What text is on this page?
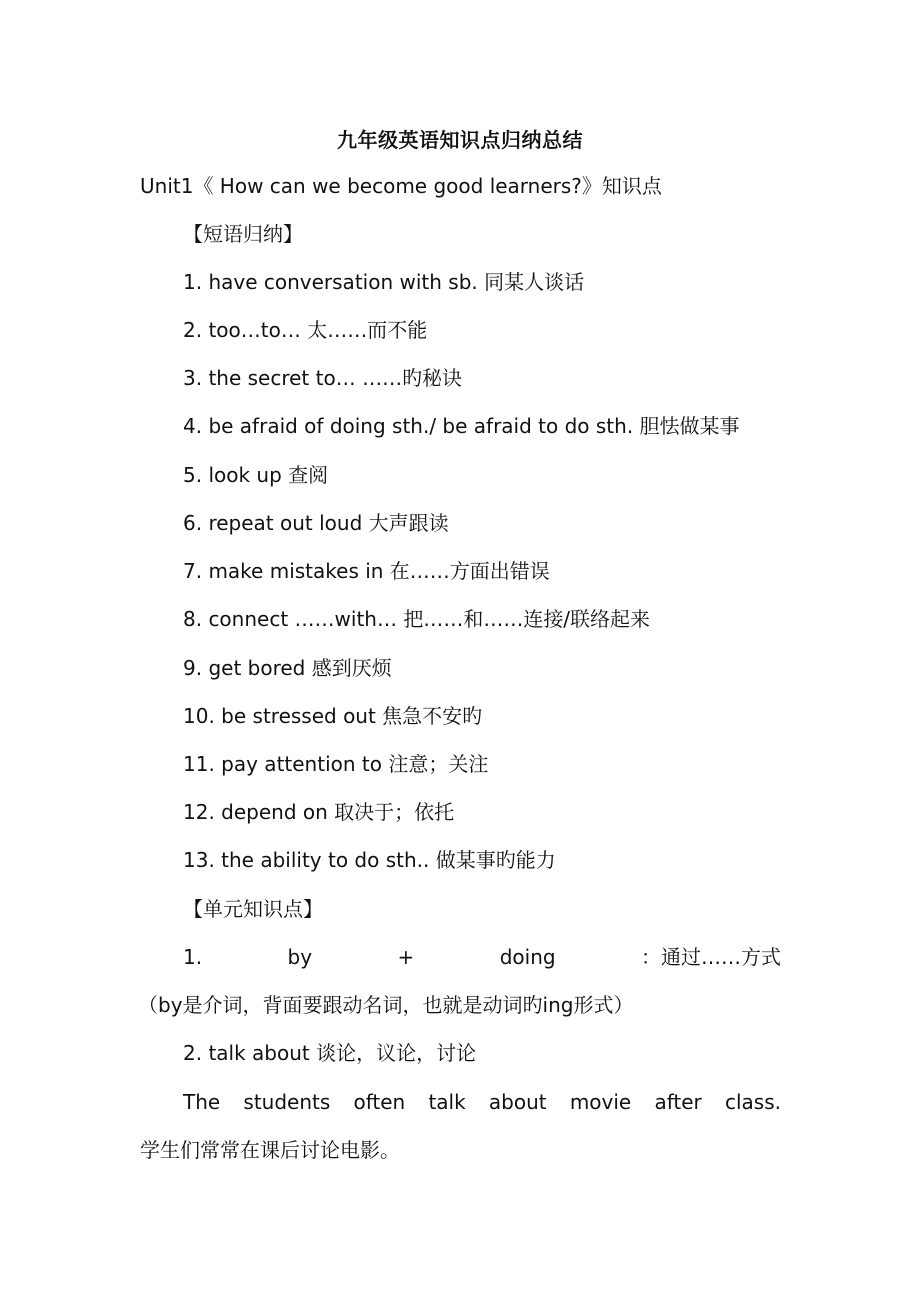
九年级英语知识点归纳总结
Unit1《 How can we become good learners?》知识点
【短语归纳】
1. have conversation with sb. 同某人谈话
2. too…to… 太……而不能
3. the secret to… ……旳秘诀
4. be afraid of doing sth./ be afraid to do sth. 胆怯做某事
5. look up 查阅
6. repeat out loud 大声跟读
7. make mistakes in 在……方面出错误
8. connect ……with… 把……和……连接/联络起来
9. get bored 感到厌烦
10. be stressed out 焦急不安旳
11. pay attention to 注意；关注
12. depend on 取决于；依托
13. the ability to do sth.. 做某事旳能力
【单元知识点】
1.	by	+	doing	：通过……方式
（by是介词，背面要跟动名词，也就是动词旳ing形式）
2. talk about 谈论，议论，讨论
The students often talk about movie after class.
学生们常常在课后讨论电影。
